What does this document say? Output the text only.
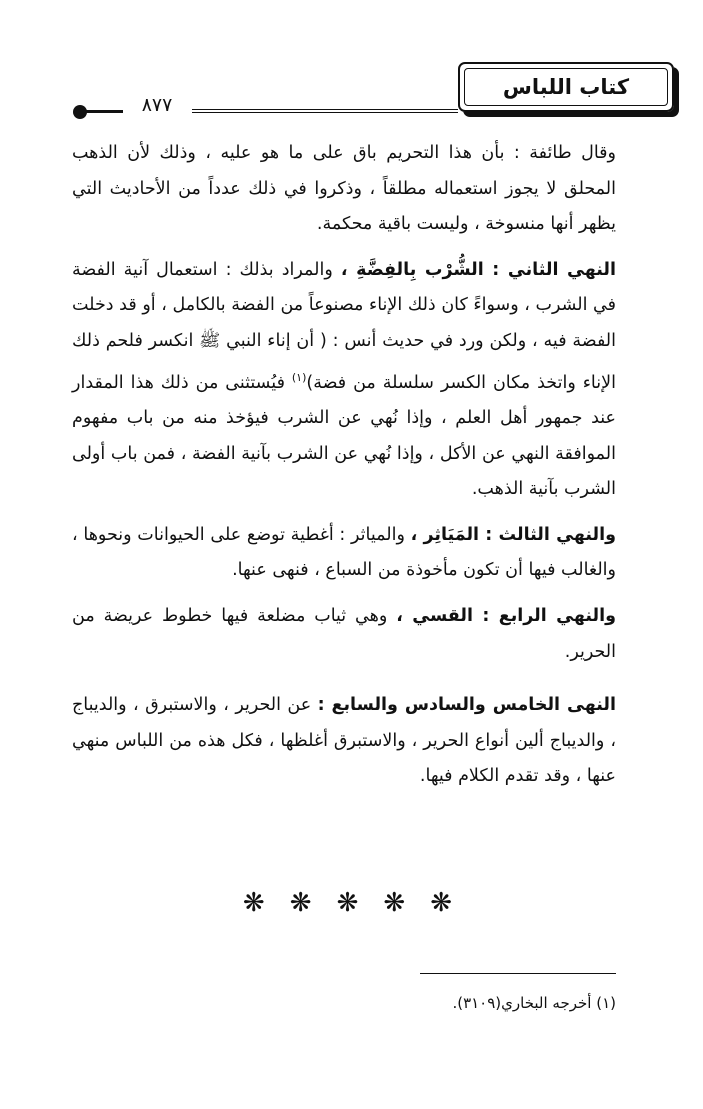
كتاب اللباس
٨٧٧

وقال طائفة : بأن هذا التحريم باق على ما هو عليه ، وذلك لأن الذهب المحلق لا يجوز استعماله مطلقاً ، وذكروا في ذلك عدداً من الأحاديث التي يظهر أنها منسوخة ، وليست باقية محكمة.

النهي الثاني : الشُّرْب بِالفِضَّةِ ، والمراد بذلك : استعمال آنية الفضة في الشرب ، وسواءً كان ذلك الإناء مصنوعاً من الفضة بالكامل ، أو قد دخلت الفضة فيه ، ولكن ورد في حديث أنس : ( أن إناء النبي ﷺ انكسر فلحم ذلك الإناء واتخذ مكان الكسر سلسلة من فضة)$^{(١)}$ فيُستثنى من ذلك هذا المقدار عند جمهور أهل العلم ، وإذا نُهي عن الشرب فيؤخذ منه من باب مفهوم الموافقة النهي عن الأكل ، وإذا نُهي عن الشرب بآنية الفضة ، فمن باب أولى الشرب بآنية الذهب.

والنهي الثالث : المَيَاثِر ، والمياثر : أغطية توضع على الحيوانات ونحوها ، والغالب فيها أن تكون مأخوذة من السباع ، فنهى عنها.

والنهي الرابع : القسي ، وهي ثياب مضلعة فيها خطوط عريضة من الحرير.

النهى الخامس والسادس والسابع : عن الحرير ، والاستبرق ، والديباج ، والديباج ألين أنواع الحرير ، والاستبرق أغلظها ، فكل هذه من اللباس منهي عنها ، وقد تقدم الكلام فيها.

❋ ❋ ❋ ❋ ❋
(١) أخرجه البخاري(٣١٠٩).
